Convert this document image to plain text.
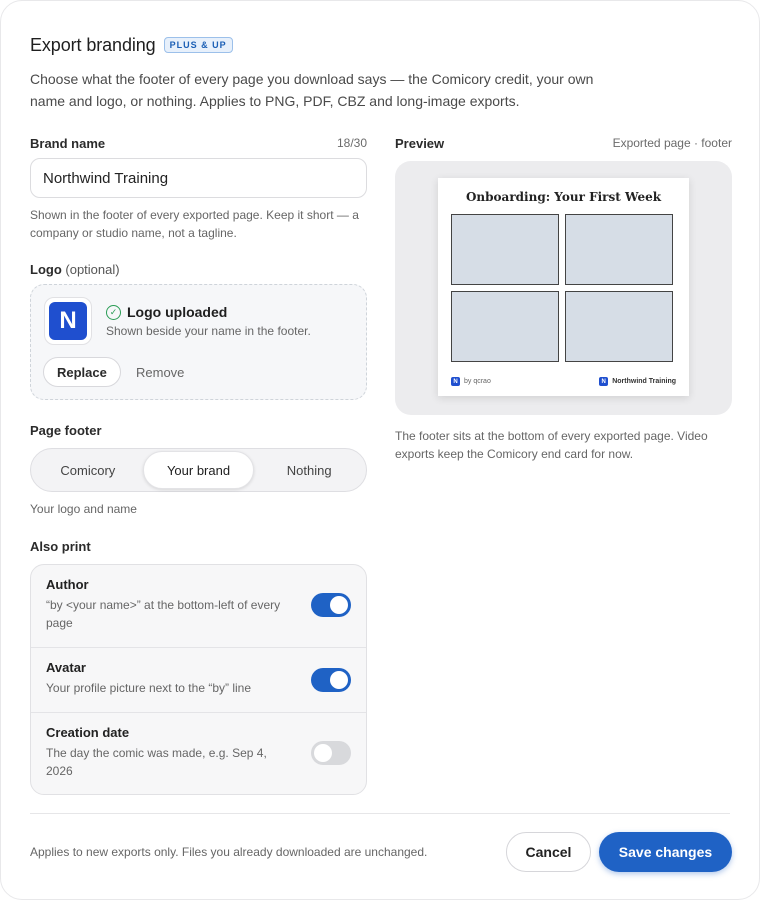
Export branding	PLUS & UP
Choose what the footer of every page you download says — the Comicory credit, your own name and logo, or nothing. Applies to PNG, PDF, CBZ and long-image exports.
Brand name	18/30
Northwind Training
Shown in the footer of every exported page. Keep it short — a company or studio name, not a tagline.
Logo (optional)
N	✓ Logo uploaded
Shown beside your name in the footer.
Replace	Remove
Page footer
Comicory	Your brand	Nothing
Your logo and name
Also print
Author
“by <your name>” at the bottom-left of every page
Avatar
Your profile picture next to the “by” line
Creation date
The day the comic was made, e.g. Sep 4, 2026
Preview	Exported page · footer
Onboarding: Your First Week
N by qcrao	N Northwind Training
The footer sits at the bottom of every exported page. Video exports keep the Comicory end card for now.
Applies to new exports only. Files you already downloaded are unchanged.	Cancel	Save changes
